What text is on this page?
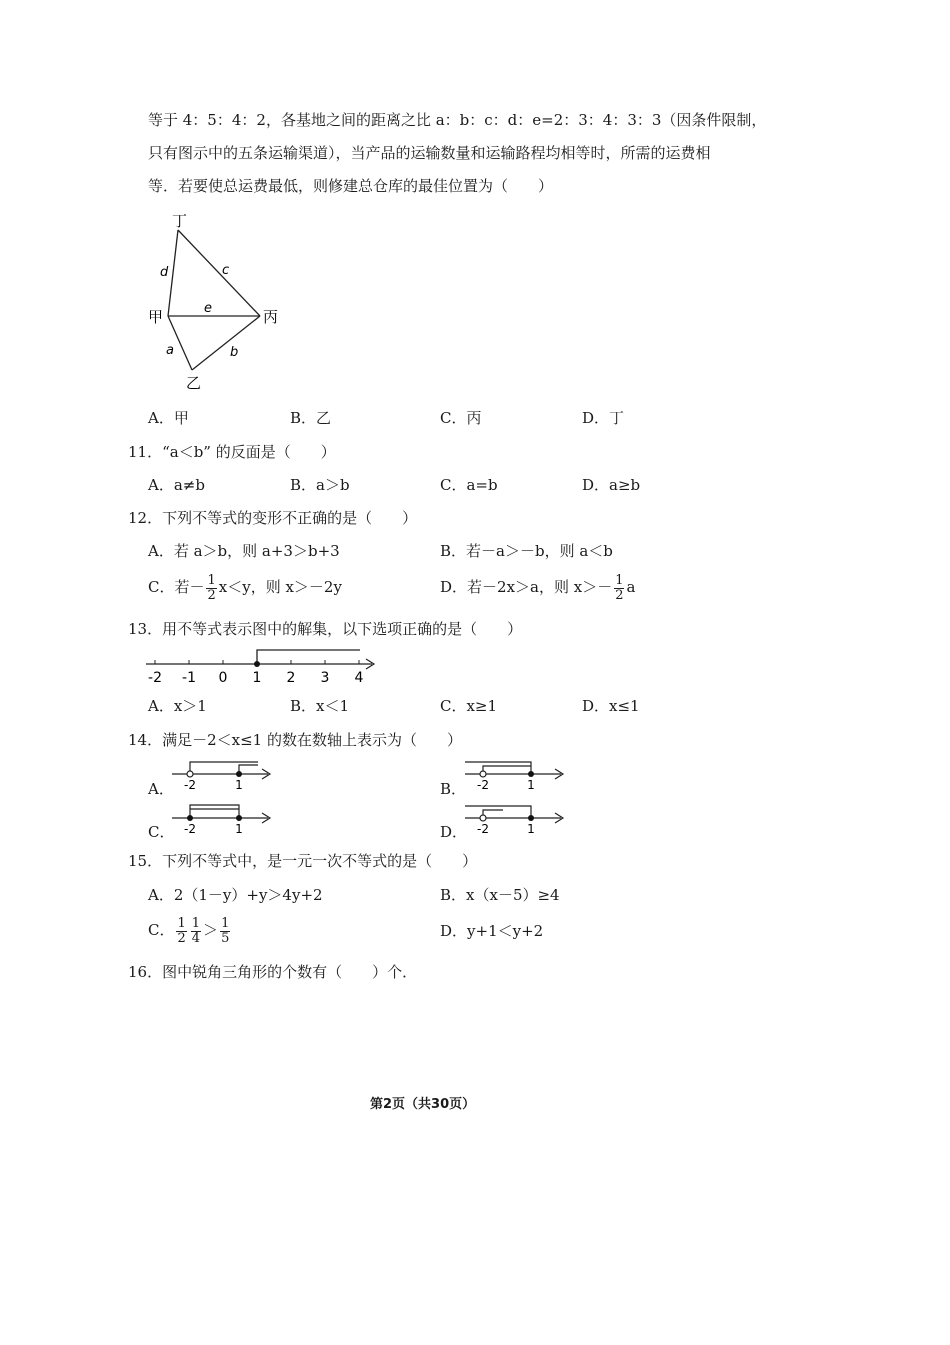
等于 4：5：4：2，各基地之间的距离之比 a：b：c：d：e=2：3：4：3：3（因条件限制，
只有图示中的五条运输渠道），当产品的运输数量和运输路程均相等时，所需的运费相
等．若要使总运费最低，则修建总仓库的最佳位置为（　　）
丁
甲	丙
乙
d	c
e
a	b
A．甲	B．乙	C．丙	D．丁
11．“a＜b” 的反面是（　　）
A．a≠b	B．a＞b	C．a=b	D．a≥b
12．下列不等式的变形不正确的是（　　）
A．若 a＞b，则 a+3＞b+3	B．若－a＞－b，则 a＜b
C．若－ $\frac{1}{2} x<y$，则 x＞－2y	D．若－2x＞a，则 $x>- \frac{1}{2}$ a
13．用不等式表示图中的解集，以下选项正确的是（　　）
-2 -1 0 1 2 3 4
A．x＞1	B．x＜1	C．x≥1	D．x≤1
14．满足－2＜x≤1 的数在数轴上表示为（　　）
A． -2	1	B． -2	1
C． -2	1	D． -2	1
15．下列不等式中，是一元一次不等式的是（　　）
A．2（1－y）+y＞4y+2	B．x（x－5）≥4
C． $\frac{1}{2} \frac{1}{4} > \frac{1}{5}$	D．y+1＜y+2
16．图中锐角三角形的个数有（　　）个．
第2页（共30页）
